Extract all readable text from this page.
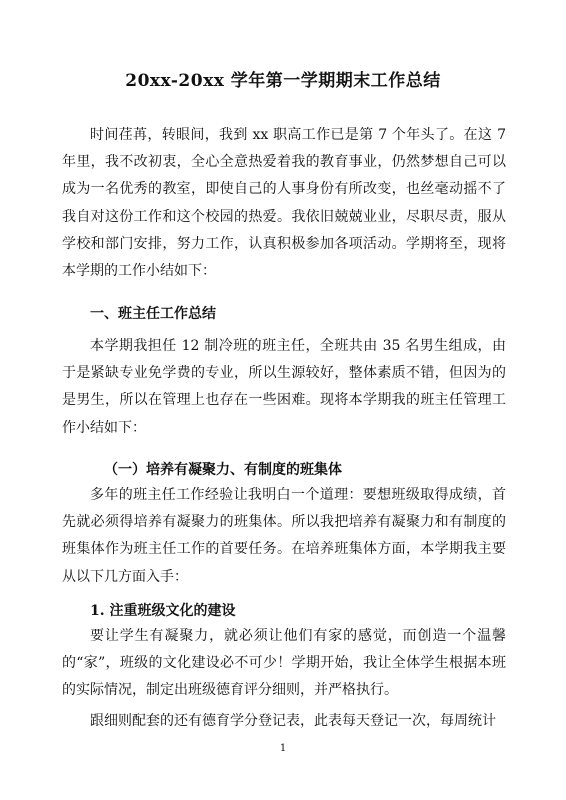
20xx-20xx 学年第一学期期末工作总结

时间荏苒，转眼间，我到 xx 职高工作已是第 7 个年头了。在这 7 年里，我不改初衷，全心全意热爱着我的教育事业，仍然梦想自己可以成为一名优秀的教室，即使自己的人事身份有所改变，也丝毫动摇不了我自对这份工作和这个校园的热爱。我依旧兢兢业业，尽职尽责，服从学校和部门安排，努力工作，认真积极参加各项活动。学期将至，现将本学期的工作小结如下：

一、班主任工作总结

本学期我担任 12 制冷班的班主任，全班共由 35 名男生组成，由于是紧缺专业免学费的专业，所以生源较好，整体素质不错，但因为的是男生，所以在管理上也存在一些困难。现将本学期我的班主任管理工作小结如下：

（一）培养有凝聚力、有制度的班集体

多年的班主任工作经验让我明白一个道理：要想班级取得成绩，首先就必须得培养有凝聚力的班集体。所以我把培养有凝聚力和有制度的班集体作为班主任工作的首要任务。在培养班集体方面，本学期我主要从以下几方面入手：

1. 注重班级文化的建设

要让学生有凝聚力，就必须让他们有家的感觉，而创造一个温馨的“家”，班级的文化建设必不可少！学期开始，我让全体学生根据本班的实际情况，制定出班级德育评分细则，并严格执行。

跟细则配套的还有德育学分登记表，此表每天登记一次，每周统计

1
